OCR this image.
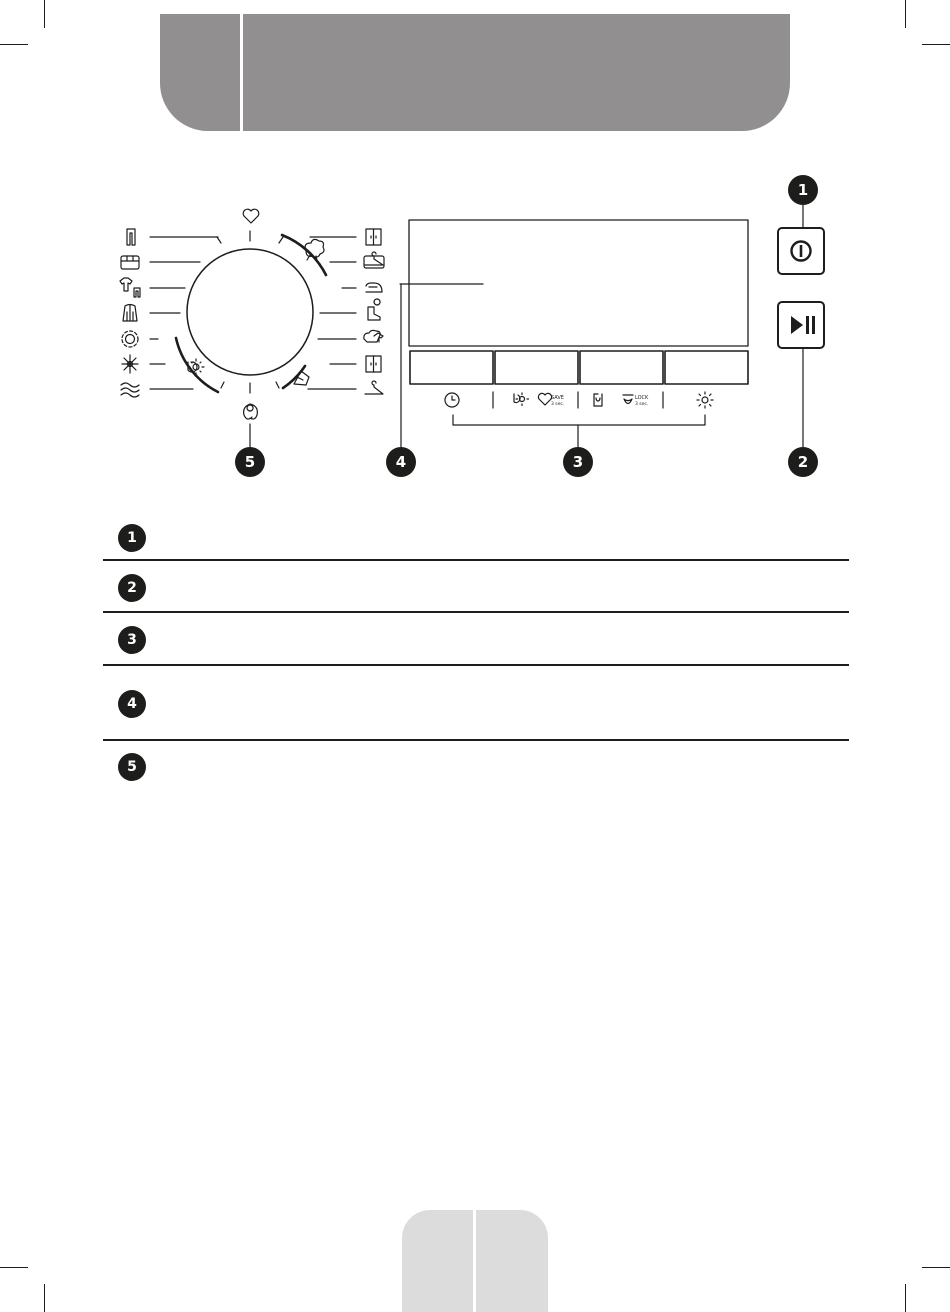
SAVE
3 sec.
LOCK
3 sec.
1
2
3
4
5
1
2
3
4
5
